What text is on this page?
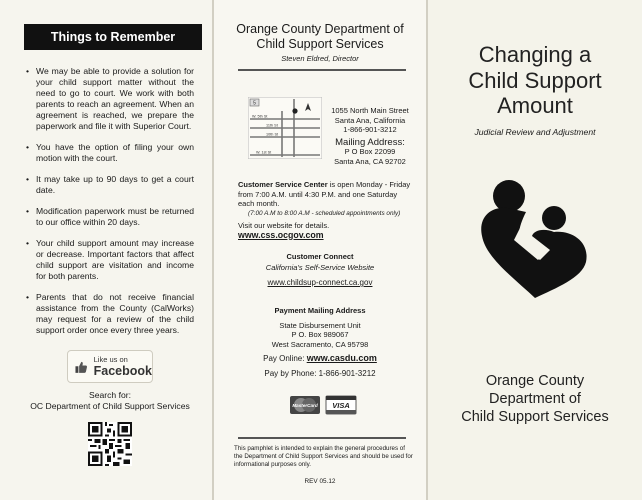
Things to Remember
• We may be able to provide a solution for your child support matter without the need to go to court. We work with both parents to reach an agreement. When an agreement is reached, we prepare the paperwork and file it with Superior Court.
• You have the option of filing your own motion with the court.
• It may take up to 90 days to get a court date.
• Modification paperwork must be returned to our office within 20 days.
• Your child support amount may increase or decrease. Important factors that affect child support are visitation and income for both parents.
• Parents that do not receive financial assistance from the County (CalWorks) may request for a review of the child support order once every three years.
Like us on
Facebook
Search for:
OC Department of Child Support Services
Orange County Department of
Child Support Services
Steven Eldred, Director
5
W. 5th St
11th St
10th St
W. 1st St
1055 North Main Street
Santa Ana, California
1-866-901-3212
Mailing Address:
P O Box 22099
Santa Ana, CA 92702
Customer Service Center is open Monday - Friday from 7:00 A.M. until 4:30 P.M. and one Saturday each month.
(7:00 A.M to 8:00 A.M - scheduled appointments only)
Visit our website for details. www.css.ocgov.com
Customer Connect
California's Self-Service Website
www.childsup-connect.ca.gov
Payment Mailing Address
State Disbursement Unit
P O. Box 989067
West Sacramento, CA 95798
Pay Online: www.casdu.com
Pay by Phone: 1-866-901-3212
MasterCard VISA
This pamphlet is intended to explain the general procedures of the Department of Child Support Services and should be used for informational purposes only.
REV 05.12
Changing a
Child Support
Amount
Judicial Review and Adjustment
Orange County
Department of
Child Support Services
